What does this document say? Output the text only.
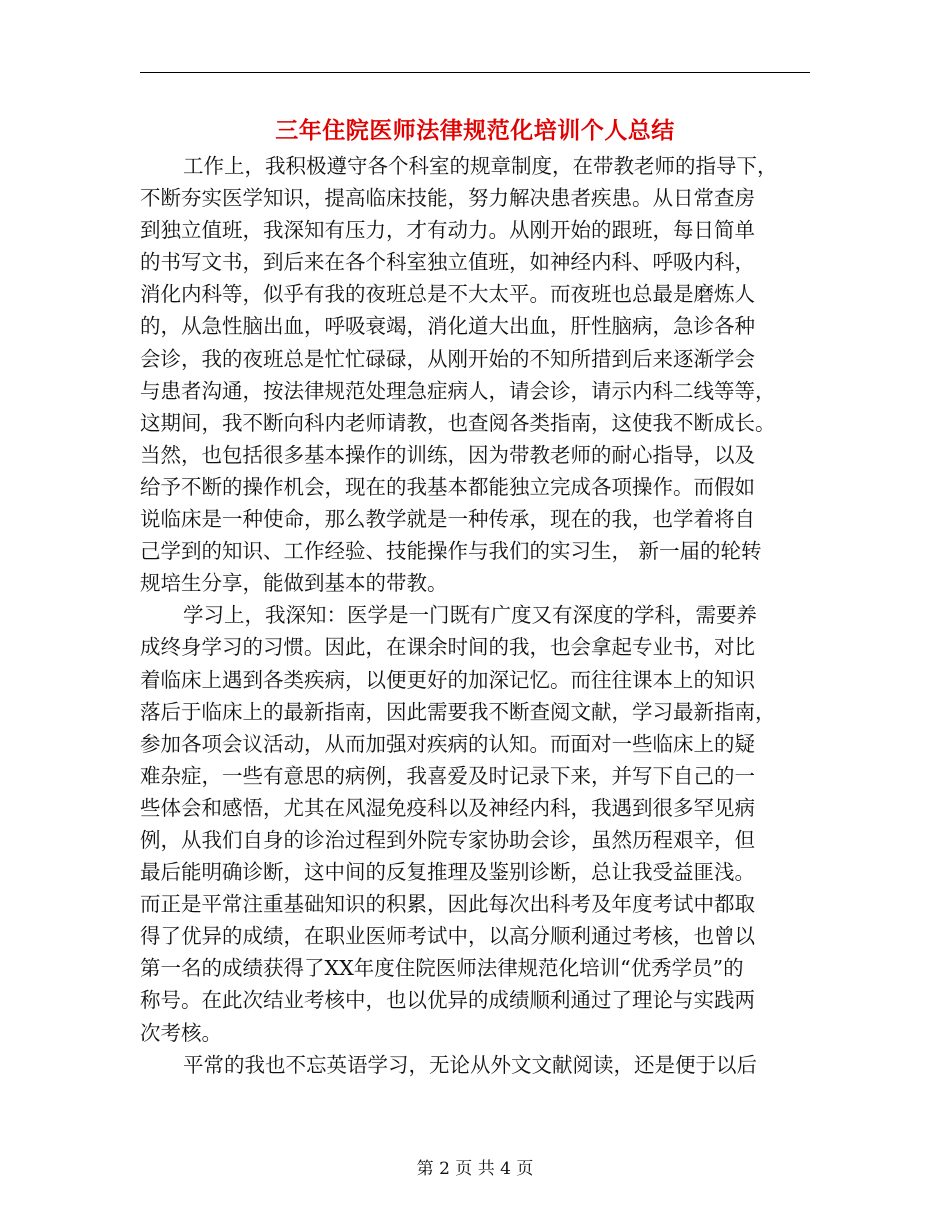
三年住院医师法律规范化培训个人总结
工作上，我积极遵守各个科室的规章制度，在带教老师的指导下，
不断夯实医学知识，提高临床技能，努力解决患者疾患。从日常查房
到独立值班，我深知有压力，才有动力。从刚开始的跟班，每日简单
的书写文书，到后来在各个科室独立值班，如神经内科、呼吸内科，
消化内科等，似乎有我的夜班总是不大太平。而夜班也总最是磨炼人
的，从急性脑出血，呼吸衰竭，消化道大出血，肝性脑病，急诊各种
会诊，我的夜班总是忙忙碌碌，从刚开始的不知所措到后来逐渐学会
与患者沟通，按法律规范处理急症病人，请会诊，请示内科二线等等，
这期间，我不断向科内老师请教，也查阅各类指南，这使我不断成长。
当然，也包括很多基本操作的训练，因为带教老师的耐心指导，以及
给予不断的操作机会，现在的我基本都能独立完成各项操作。而假如
说临床是一种使命，那么教学就是一种传承，现在的我，也学着将自
己学到的知识、工作经验、技能操作与我们的实习生， 新一届的轮转
规培生分享，能做到基本的带教。
学习上，我深知：医学是一门既有广度又有深度的学科，需要养
成终身学习的习惯。因此，在课余时间的我，也会拿起专业书，对比
着临床上遇到各类疾病，以便更好的加深记忆。而往往课本上的知识
落后于临床上的最新指南，因此需要我不断查阅文献，学习最新指南，
参加各项会议活动，从而加强对疾病的认知。而面对一些临床上的疑
难杂症，一些有意思的病例，我喜爱及时记录下来，并写下自己的一
些体会和感悟，尤其在风湿免疫科以及神经内科，我遇到很多罕见病
例，从我们自身的诊治过程到外院专家协助会诊，虽然历程艰辛，但
最后能明确诊断，这中间的反复推理及鉴别诊断，总让我受益匪浅。
而正是平常注重基础知识的积累，因此每次出科考及年度考试中都取
得了优异的成绩，在职业医师考试中，以高分顺利通过考核，也曾以
第一名的成绩获得了XX年度住院医师法律规范化培训“优秀学员”的
称号。在此次结业考核中，也以优异的成绩顺利通过了理论与实践两
次考核。
平常的我也不忘英语学习，无论从外文文献阅读，还是便于以后
第 2 页 共 4 页
